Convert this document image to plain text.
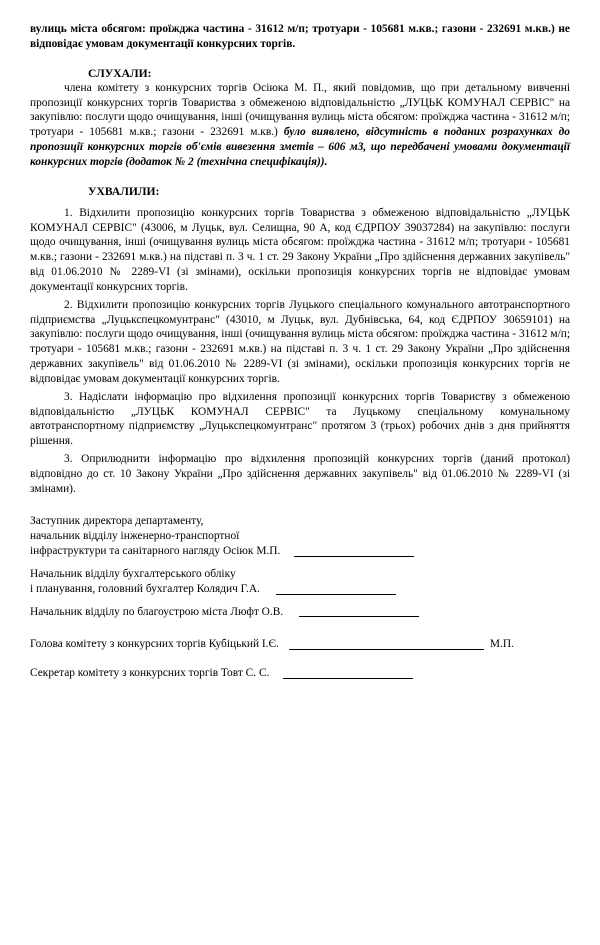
вулиць міста обсягом: проїжджа частина - 31612 м/п; тротуари - 105681 м.кв.; газони - 232691 м.кв.) не відповідає умовам документації конкурсних торгів.

СЛУХАЛИ:

члена комітету з конкурсних торгів Осіюка М. П., який повідомив, що при детальному вивченні пропозиції конкурсних торгів Товариства з обмеженою відповідальністю „ЛУЦЬК КОМУНАЛ СЕРВІС" на закупівлю: послуги щодо очищування, інші (очищування вулиць міста обсягом: проїжджа частина - 31612 м/п; тротуари - 105681 м.кв.; газони - 232691 м.кв.) було виявлено, відсутність в поданих розрахунках до пропозиції конкурсних торгів об'ємів вивезення зметів – 606 м3, що передбачені умовами документації конкурсних торгів (додаток № 2 (технічна специфікація)).

УХВАЛИЛИ:

1. Відхилити пропозицію конкурсних торгів Товариства з обмеженою відповідальністю „ЛУЦЬК КОМУНАЛ СЕРВІС" (43006, м Луцьк, вул. Селищна, 90 А, код ЄДРПОУ 39037284) на закупівлю: послуги щодо очищування, інші (очищування вулиць міста обсягом: проїжджа частина - 31612 м/п; тротуари - 105681 м.кв.; газони - 232691 м.кв.) на підставі п. 3 ч. 1 ст. 29 Закону України „Про здійснення державних закупівель" від 01.06.2010 № 2289-VI (зі змінами), оскільки пропозиція конкурсних торгів не відповідає умовам документації конкурсних торгів.

2. Відхилити пропозицію конкурсних торгів Луцького спеціального комунального автотранспортного підприємства „Луцькспецкомунтранс" (43010, м Луцьк, вул. Дубнівська, 64, код ЄДРПОУ 30659101) на закупівлю: послуги щодо очищування, інші (очищування вулиць міста обсягом: проїжджа частина - 31612 м/п; тротуари - 105681 м.кв.; газони - 232691 м.кв.) на підставі п. 3 ч. 1 ст. 29 Закону України „Про здійснення державних закупівель" від 01.06.2010 № 2289-VI (зі змінами), оскільки пропозиція конкурсних торгів не відповідає умовам документації конкурсних торгів.

3. Надіслати інформацію про відхилення пропозиції конкурсних торгів Товариству з обмеженою відповідальністю „ЛУЦЬК КОМУНАЛ СЕРВІС" та Луцькому спеціальному комунальному автотранспортному підприємству „Луцькспецкомунтранс" протягом 3 (трьох) робочих днів з дня прийняття рішення.

3. Оприлюднити інформацію про відхилення пропозицій конкурсних торгів (даний протокол) відповідно до ст. 10 Закону України „Про здійснення державних закупівель" від 01.06.2010 № 2289-VI (зі змінами).

Заступник директора департаменту,
начальник відділу інженерно-транспортної
інфраструктури та санітарного нагляду Осіюк М.П.
Начальник відділу бухгалтерського обліку
і планування, головний бухгалтер Колядич Г.А.
Начальник відділу по благоустрою міста Люфт О.В.
Голова комітету з конкурсних торгів Кубіцький І.Є.	М.П.
Секретар комітету з конкурсних торгів Товт С. С.
